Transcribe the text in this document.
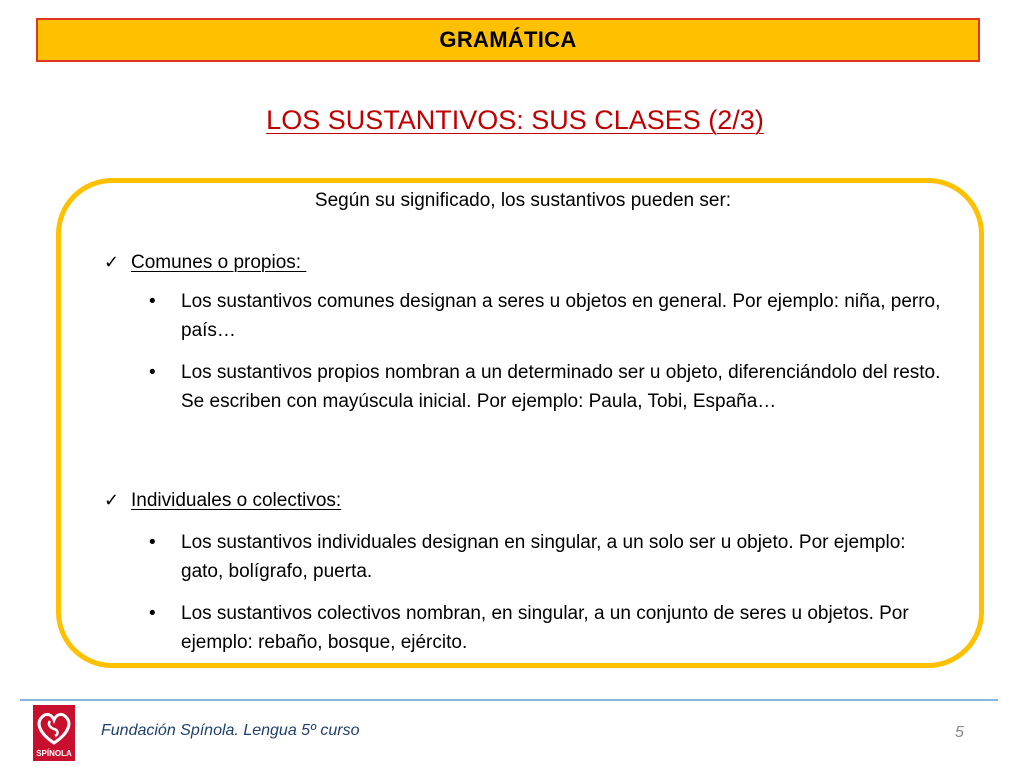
GRAMÁTICA
LOS SUSTANTIVOS: SUS CLASES (2/3)
Según su significado, los sustantivos pueden ser:
✓ Comunes o propios:
•	Los sustantivos comunes designan a seres u objetos en general. Por ejemplo: niña, perro, país…
•	Los sustantivos propios nombran a un determinado ser u objeto, diferenciándolo del resto. Se escriben con mayúscula inicial. Por ejemplo: Paula, Tobi, España…
✓ Individuales o colectivos:
•	Los sustantivos individuales designan en singular, a un solo ser u objeto. Por ejemplo: gato, bolígrafo, puerta.
•	Los sustantivos colectivos nombran, en singular, a un conjunto de seres u objetos. Por ejemplo: rebaño, bosque, ejército.
SPÍNOLA
Fundación Spínola. Lengua 5º curso	5
